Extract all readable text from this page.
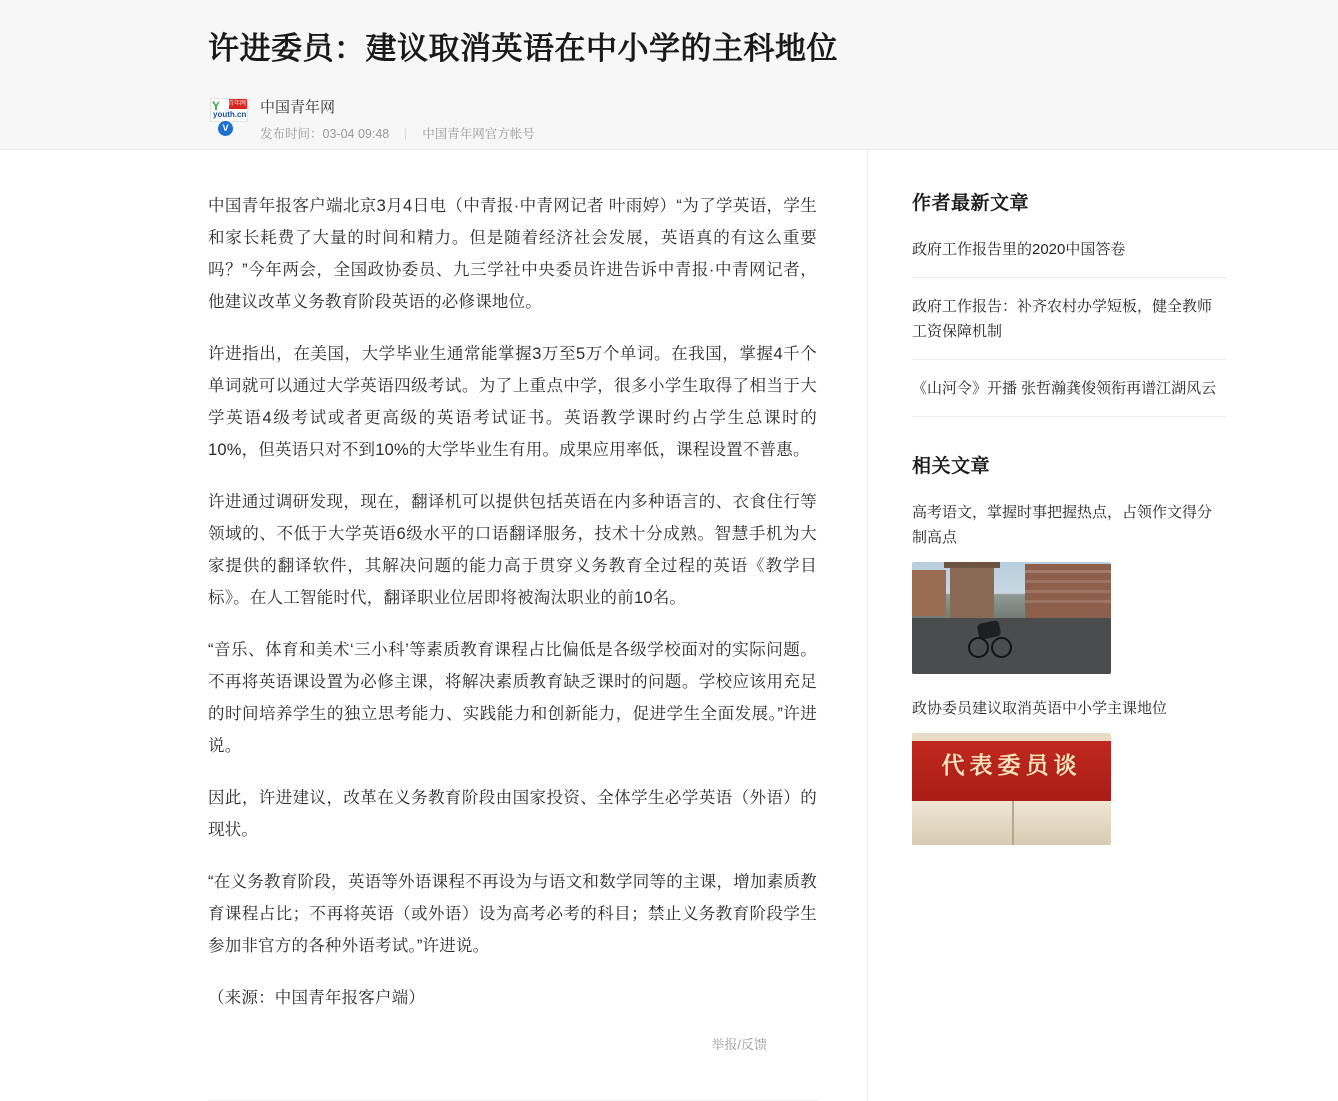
许进委员：建议取消英语在中小学的主科地位
Y
中国青年网
youth.cn
V
中国青年网
发布时间：03-04 09:48	中国青年网官方帐号

中国青年报客户端北京3月4日电（中青报·中青网记者 叶雨婷）“为了学英语，学生和家长耗费了大量的时间和精力。但是随着经济社会发展，英语真的有这么重要吗？”今年两会，全国政协委员、九三学社中央委员许进告诉中青报·中青网记者，他建议改革义务教育阶段英语的必修课地位。

许进指出，在美国，大学毕业生通常能掌握3万至5万个单词。在我国，掌握4千个单词就可以通过大学英语四级考试。为了上重点中学，很多小学生取得了相当于大学英语4级考试或者更高级的英语考试证书。英语教学课时约占学生总课时的10%，但英语只对不到10%的大学毕业生有用。成果应用率低，课程设置不普惠。

许进通过调研发现，现在，翻译机可以提供包括英语在内多种语言的、衣食住行等领域的、不低于大学英语6级水平的口语翻译服务，技术十分成熟。智慧手机为大家提供的翻译软件，其解决问题的能力高于贯穿义务教育全过程的英语《教学目标》。在人工智能时代，翻译职业位居即将被淘汰职业的前10名。

“音乐、体育和美术‘三小科’等素质教育课程占比偏低是各级学校面对的实际问题。不再将英语课设置为必修主课，将解决素质教育缺乏课时的问题。学校应该用充足的时间培养学生的独立思考能力、实践能力和创新能力，促进学生全面发展。”许进说。

因此，许进建议，改革在义务教育阶段由国家投资、全体学生必学英语（外语）的现状。

“在义务教育阶段，英语等外语课程不再设为与语文和数学同等的主课，增加素质教育课程占比；不再将英语（或外语）设为高考必考的科目；禁止义务教育阶段学生参加非官方的各种外语考试。”许进说。

（来源：中国青年报客户端）

举报/反馈
作者最新文章
政府工作报告里的2020中国答卷
政府工作报告：补齐农村办学短板，健全教师工资保障机制
《山河令》开播 张哲瀚龚俊领衔再谱江湖风云
相关文章
高考语文，掌握时事把握热点，占领作文得分制高点
政协委员建议取消英语中小学主课地位
代表委员谈
